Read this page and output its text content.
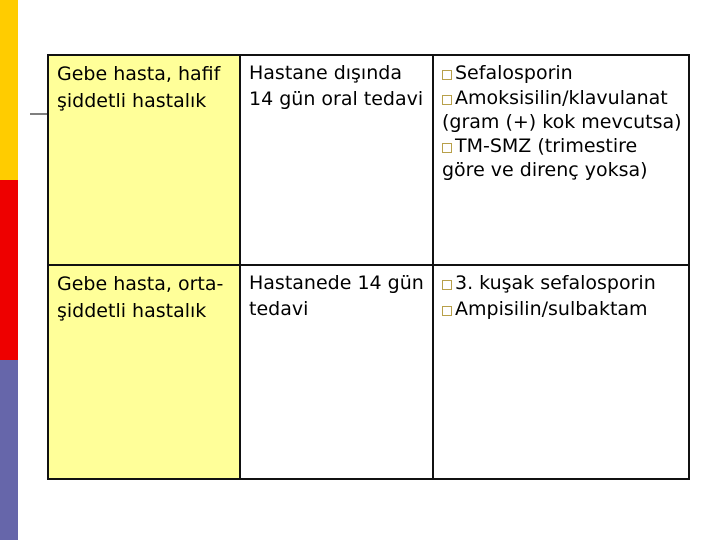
Gebe hasta, hafif şiddetli hastalık	Hastane dışında 14 gün oral tedavi	Sefalosporin
Amoksisilin/klavulanat (gram (+) kok mevcutsa)
TM-SMZ (trimestire göre ve direnç yoksa)

Gebe hasta, orta-şiddetli hastalık	Hastanede 14 gün tedavi	3. kuşak sefalosporin
Ampisilin/sulbaktam
